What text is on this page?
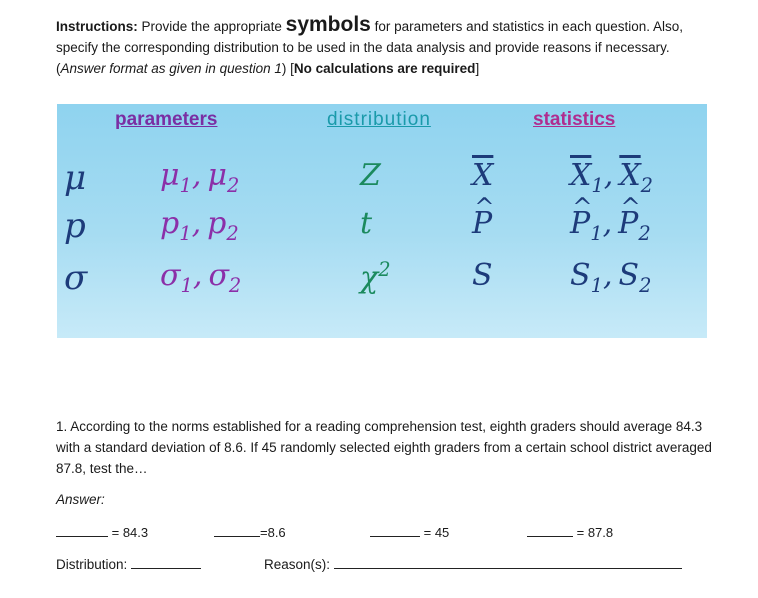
Instructions: Provide the appropriate symbols for parameters and statistics in each question. Also, specify the corresponding distribution to be used in the data analysis and provide reasons if necessary. (Answer format as given in question 1) [No calculations are required]
parameters	distribution	statistics
μ $\mu_1$, $\mu_2$	Z	$\overline{X}$	$\overline{X}_1$, $\overline{X}_2$
p $p_1$, $p_2$	t	^ P	^ $P_1$, ^ $P_2$
σ $\sigma_1$, $\sigma_2$	$\chi^2$	S	$S_1$, $S_2$
1. According to the norms established for a reading comprehension test, eighth graders should average 84.3 with a standard deviation of 8.6. If 45 randomly selected eighth graders from a certain school district averaged 87.8, test the…
Answer:
= 84.3	=8.6	= 45	= 87.8
Distribution:	Reason(s):
